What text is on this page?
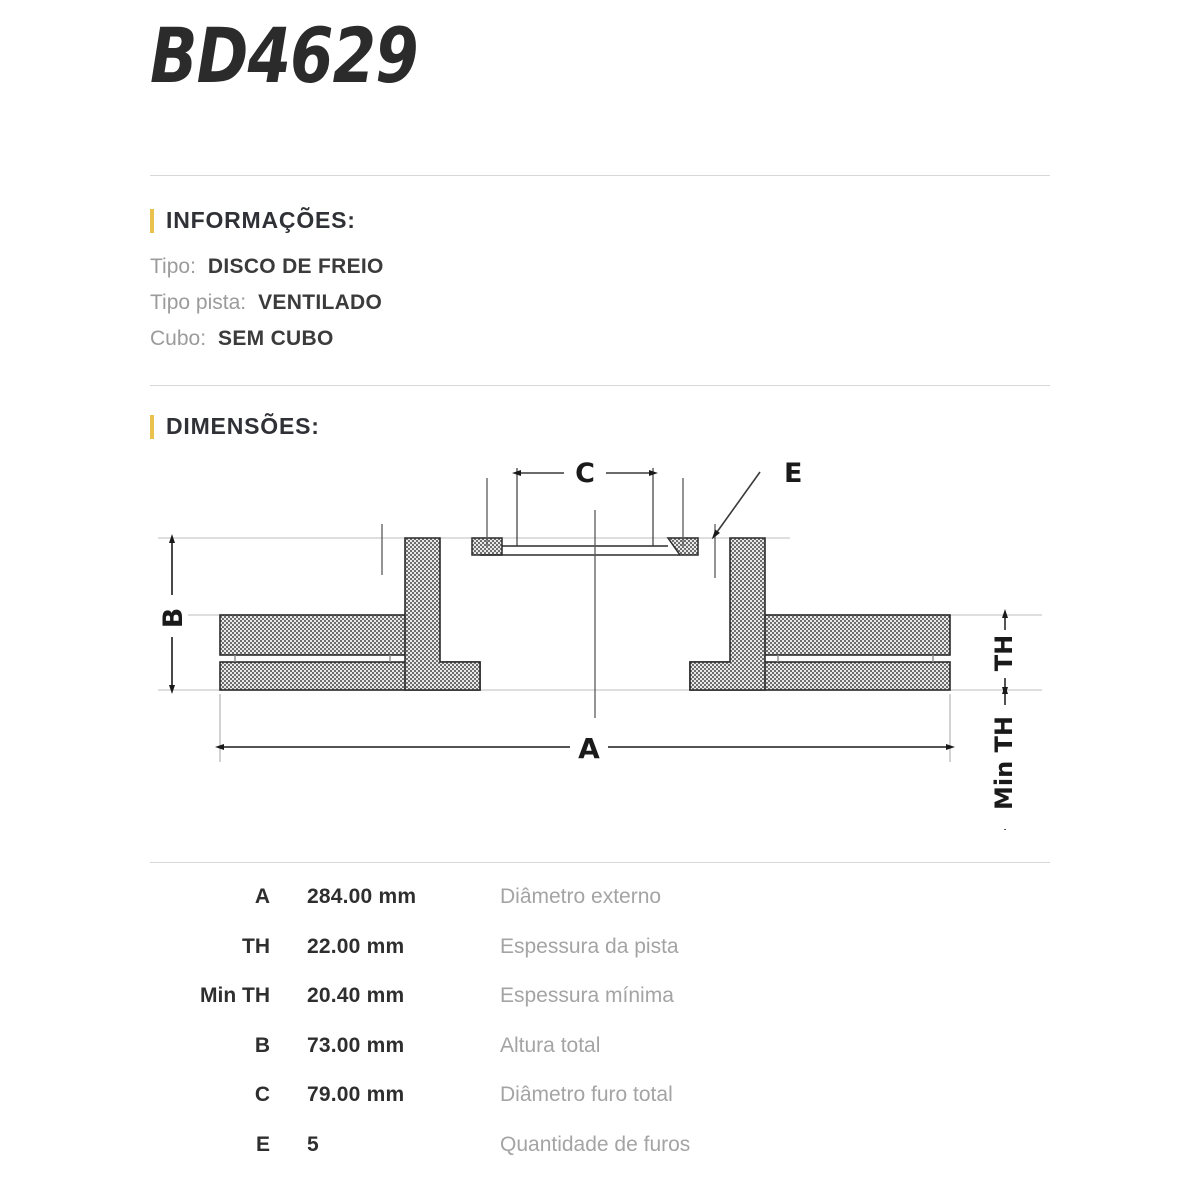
BD4629
INFORMAÇÕES:
Tipo: DISCO DE FREIO
Tipo pista: VENTILADO
Cubo: SEM CUBO
DIMENSÕES:
C	E
B
A
TH
Min TH
A	284.00 mm	Diâmetro externo
TH	22.00 mm	Espessura da pista
Min TH	20.40 mm	Espessura mínima
B	73.00 mm	Altura total
C	79.00 mm	Diâmetro furo total
E	5	Quantidade de furos
